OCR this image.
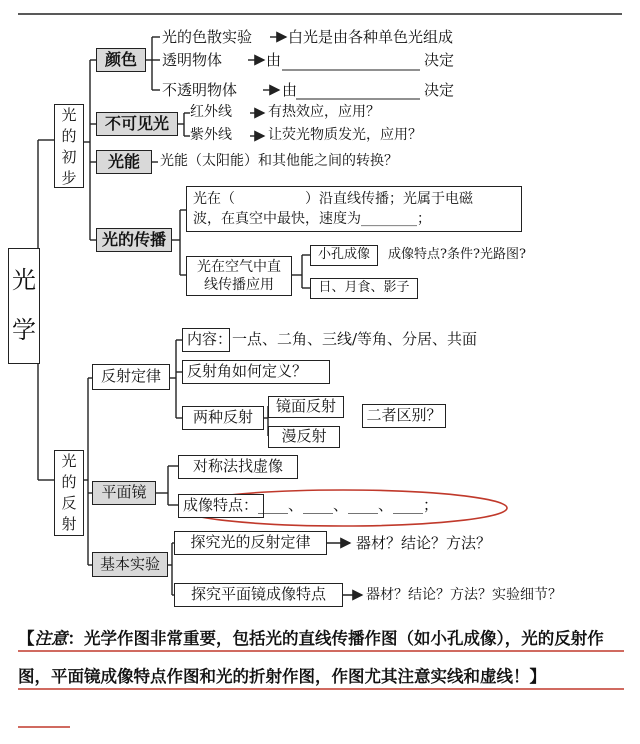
光学
光的初步
颜色
光的色散实验 白光是由各种单色光组成
透明物体	由	决定
不透明物体	由	决定
不可见光
红外线	有热效应，应用？
紫外线	让荧光物质发光，应用？
光能	光能（太阳能）和其他能之间的转换？
光的传播
光在（　　　　　）沿直线传播；光属于电磁
波，在真空中最快，速度为________；
光在空气中直线传播应用
小孔成像	成像特点?条件?光路图?
日、月食、影子
光的反射
反射定律
内容：一点、二角、三线/等角、分居、共面
反射角如何定义？
两种反射
镜面反射
漫反射
二者区别？
平面镜
对称法找虚像
成像特点：____、____、____、____；
基本实验
探究光的反射定律	器材？结论？方法？
探究平面镜成像特点	器材？结论？方法？实验细节？
【注意：光学作图非常重要，包括光的直线传播作图（如小孔成像），光的反射作图，平面镜成像特点作图和光的折射作图，作图尤其注意实线和虚线！】
